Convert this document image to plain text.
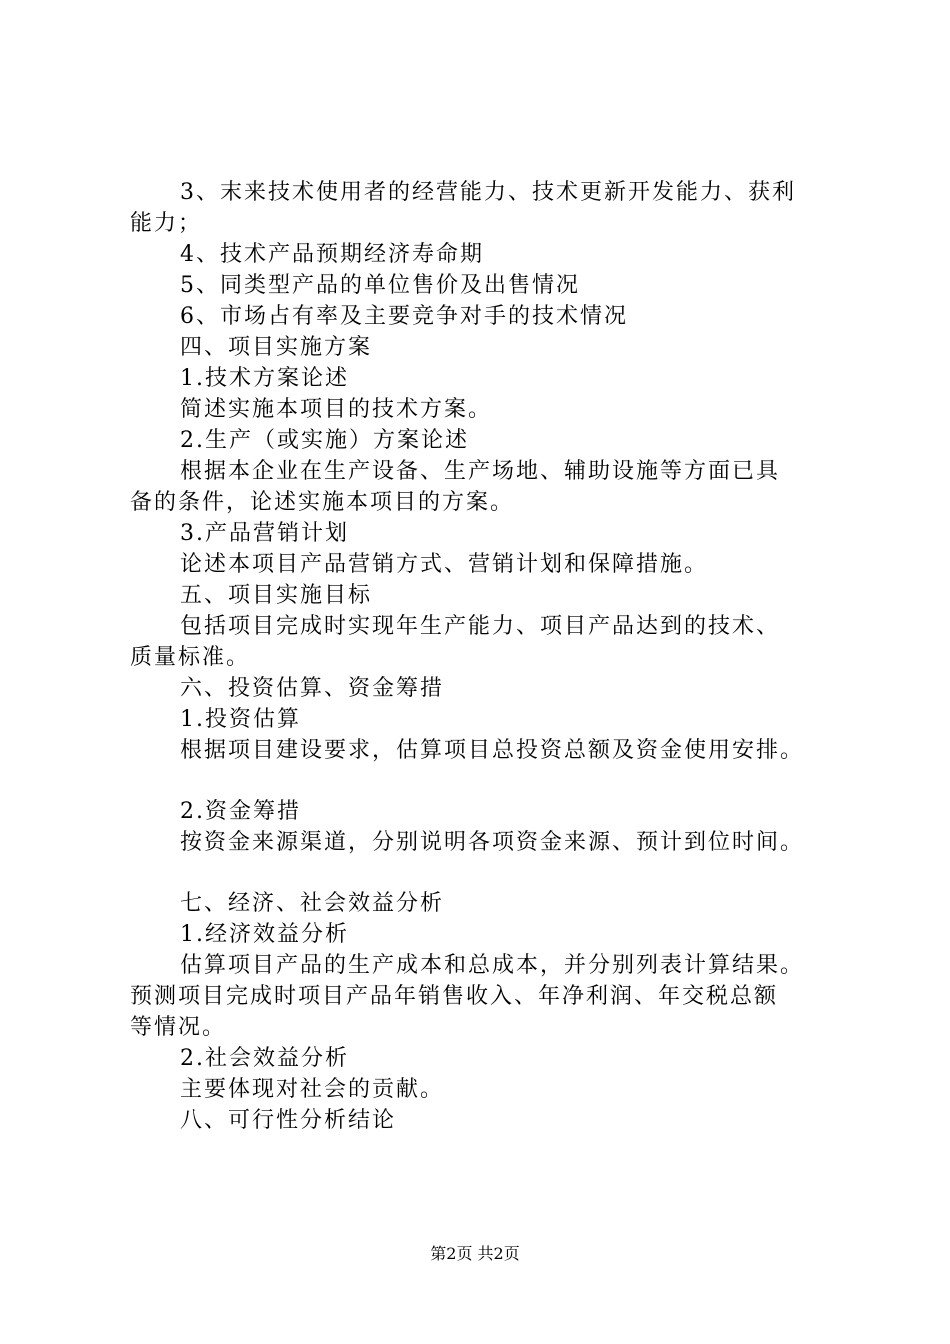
3、末来技术使用者的经营能力、技术更新开发能力、获利
能力；
4、技术产品预期经济寿命期
5、同类型产品的单位售价及出售情况
6、市场占有率及主要竞争对手的技术情况
四、项目实施方案
1.技术方案论述
简述实施本项目的技术方案。
2.生产（或实施）方案论述
根据本企业在生产设备、生产场地、辅助设施等方面已具
备的条件，论述实施本项目的方案。
3.产品营销计划
论述本项目产品营销方式、营销计划和保障措施。
五、项目实施目标
包括项目完成时实现年生产能力、项目产品达到的技术、
质量标准。
六、投资估算、资金筹措
1.投资估算
根据项目建设要求，估算项目总投资总额及资金使用安排。
2.资金筹措
按资金来源渠道，分别说明各项资金来源、预计到位时间。
七、经济、社会效益分析
1.经济效益分析
估算项目产品的生产成本和总成本，并分别列表计算结果。
预测项目完成时项目产品年销售收入、年净利润、年交税总额
等情况。
2.社会效益分析
主要体现对社会的贡献。
八、可行性分析结论
第2页 共2页
